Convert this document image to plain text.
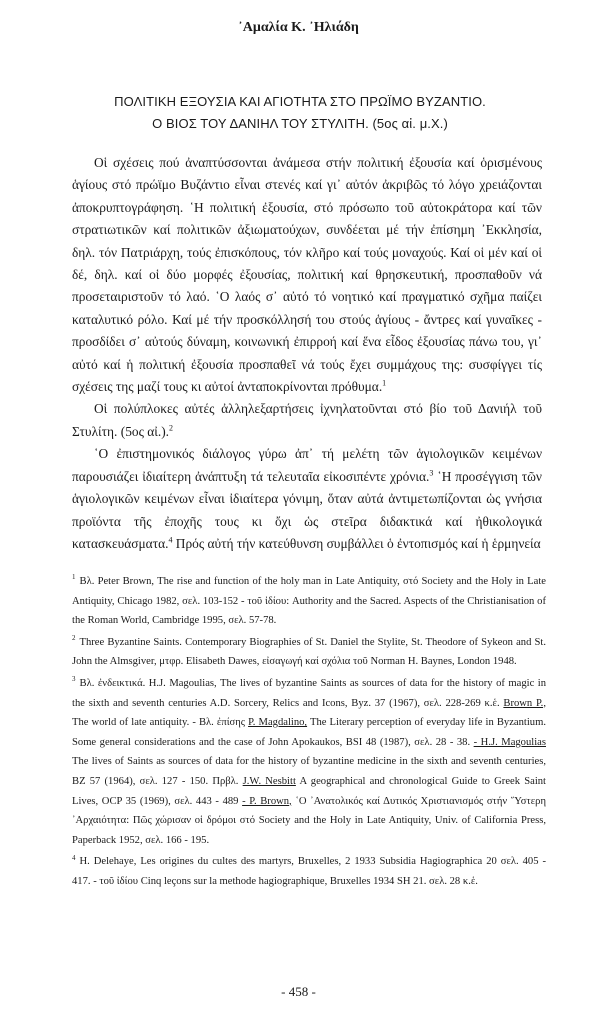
᾿Αμαλία Κ. ᾿Ηλιάδη
ΠΟΛΙΤΙΚΗ ΕΞΟΥΣΙΑ ΚΑΙ ΑΓΙΟΤΗΤΑ ΣΤΟ ΠΡΩΪΜΟ ΒΥΖΑΝΤΙΟ.
Ο ΒΙΟΣ ΤΟΥ ΔΑΝΙΗΛ ΤΟΥ ΣΤΥΛΙΤΗ. (5ος αἰ. μ.Χ.)

Οἱ σχέσεις πού ἀναπτύσσονται ἀνάμεσα στήν πολιτική ἐξουσία καί ὁρισμένους ἁγίους στό πρώϊμο Βυζάντιο εἶναι στενές καί γι᾿ αὐτόν ἀκριβῶς τό λόγο χρειάζονται ἀποκρυπτογράφηση. ῾Η πολιτική ἐξουσία, στό πρόσωπο τοῦ αὐτοκράτορα καί τῶν στρατιωτικῶν καί πολιτικῶν ἀξιωματούχων, συνδέεται μέ τήν ἐπίσημη ᾿Εκκλησία, δηλ. τόν Πατριάρχη, τούς ἐπισκόπους, τόν κλῆρο καί τούς μοναχούς. Καί οἱ μέν καί οἱ δέ, δηλ. καί οἱ δύο μορφές ἐξουσίας, πολιτική καί θρησκευτική, προσπαθοῦν νά προσεταιριστοῦν τό λαό. ῾Ο λαός σ᾿ αὐτό τό νοητικό καί πραγματικό σχῆμα παίζει καταλυτικό ρόλο. Καί μέ τήν προσκόλλησή του στούς ἁγίους - ἄντρες καί γυναῖκες - προσδίδει σ᾿ αὐτούς δύναμη, κοινωνική ἐπιρροή καί ἕνα εἶδος ἐξουσίας πάνω του, γι᾿ αὐτό καί ἡ πολιτική ἐξουσία προσπαθεῖ νά τούς ἔχει συμμάχους της: συσφίγγει τίς σχέσεις της μαζί τους κι αὐτοί ἀνταποκρίνονται πρόθυμα.$^1$

Οἱ πολύπλοκες αὐτές ἀλληλεξαρτήσεις ἰχνηλατοῦνται στό βίο τοῦ Δανιήλ τοῦ Στυλίτη. (5ος αἰ.).$^2$

῾Ο ἐπιστημονικός διάλογος γύρω ἀπ᾿ τή μελέτη τῶν ἁγιολογικῶν κειμένων παρουσιάζει ἰδιαίτερη ἀνάπτυξη τά τελευταῖα εἰκοσιπέντε χρόνια.$^3$ ῾Η προσέγγιση τῶν ἁγιολογικῶν κειμένων εἶναι ἰδιαίτερα γόνιμη, ὅταν αὐτά ἀντιμετωπίζονται ὡς γνήσια προϊόντα τῆς ἐποχῆς τους κι ὄχι ὡς στεῖρα διδακτικά καί ἠθικολογικά κατασκευάσματα.$^4$ Πρός αὐτή τήν κατεύθυνση συμβάλλει ὁ ἐντοπισμός καί ἡ ἑρμηνεία

$^1$ Βλ. Peter Brown, The rise and function of the holy man in Late Antiquity, στό Society and the Holy in Late Antiquity, Chicago 1982, σελ. 103-152 - τοῦ ἰδίου: Authority and the Sacred. Aspects of the Christianisation of the Roman World, Cambridge 1995, σελ. 57-78.

$^2$ Three Byzantine Saints. Contemporary Biographies of St. Daniel the Stylite, St. Theodore of Sykeon and St. John the Almsgiver, μτφρ. Elisabeth Dawes, εἰσαγωγή καί σχόλια τοῦ Norman H. Baynes, London 1948.

$^3$ Βλ. ἐνδεικτικά. H.J. Magoulias, The lives of byzantine Saints as sources of data for the history of magic in the sixth and seventh centuries A.D. Sorcery, Relics and Icons, Byz. 37 (1967), σελ. 228-269 κ.ἑ. Brown P., The world of late antiquity. - Βλ. ἐπίσης P. Magdalino, The Literary perception of everyday life in Byzantium. Some general considerations and the case of John Apokaukos, BSI 48 (1987), σελ. 28 - 38. - H.J. Magoulias The lives of Saints as sources of data for the history of byzantine medicine in the sixth and seventh centuries, BZ 57 (1964), σελ. 127 - 150. Πρβλ. J.W. Nesbitt A geographical and chronological Guide to Greek Saint Lives, OCP 35 (1969), σελ. 443 - 489 - P. Brown, ῾Ο ᾿Ανατολικός καί Δυτικός Χριστιανισμός στήν ῞Υστερη ᾿Αρχαιότητα: Πῶς χώρισαν οἱ δρόμοι στό Society and the Holy in Late Antiquity, Univ. of California Press, Paperback 1952, σελ. 166 - 195.

$^4$ H. Delehaye, Les origines du cultes des martyrs, Bruxelles, 2 1933 Subsidia Hagiographica 20 σελ. 405 - 417. - τοῦ ἰδίου Cinq leçons sur la methode hagiographique, Bruxelles 1934 SH 21. σελ. 28 κ.ἑ.

- 458 -
